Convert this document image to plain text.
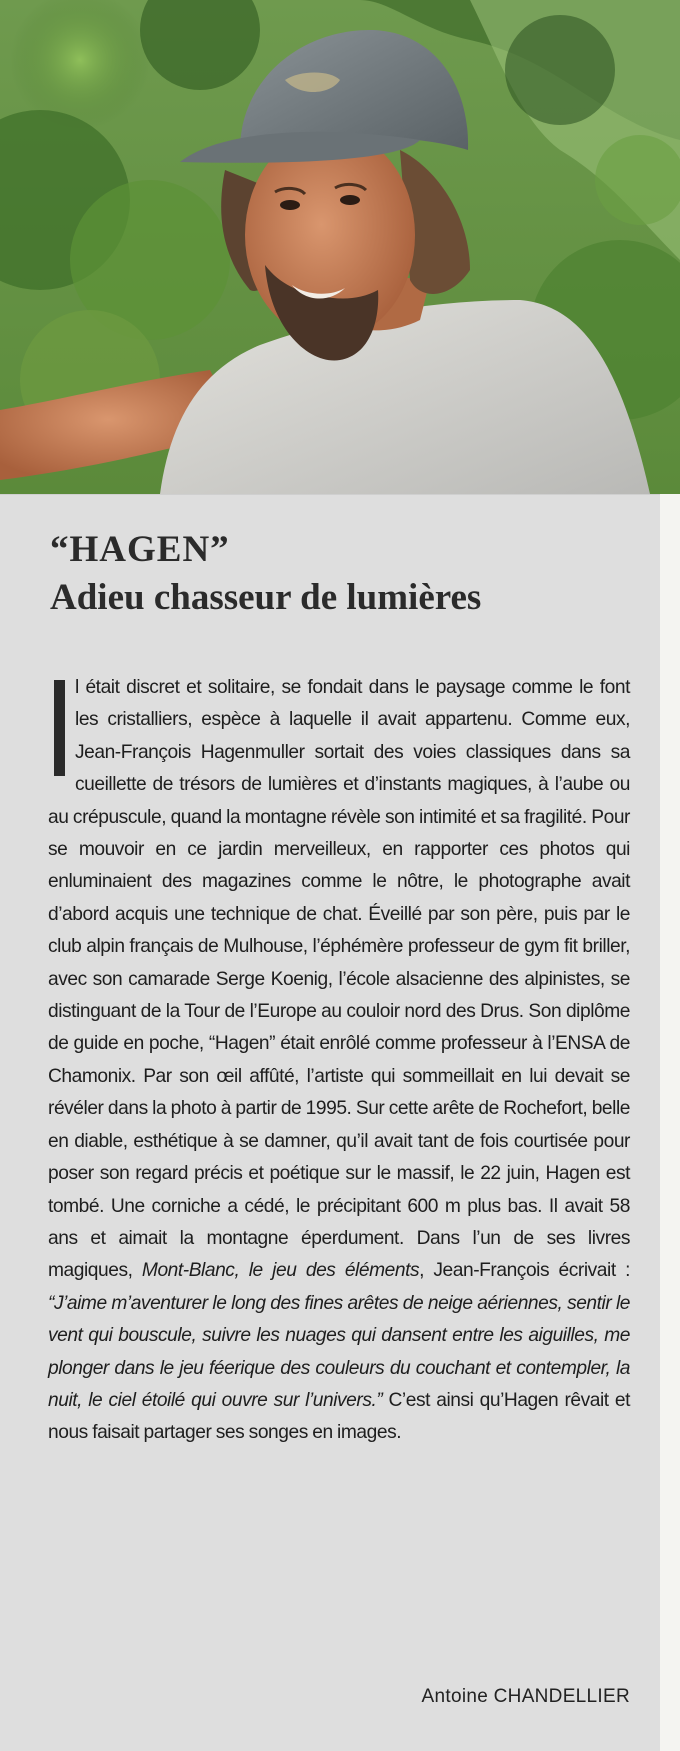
“HAGEN”
Adieu chasseur de lumières
l était discret et solitaire, se fondait dans le paysage comme le font les cristalliers, espèce à laquelle il avait appartenu. Comme eux, Jean-François Hagenmuller sortait des voies classiques dans sa cueillette de trésors de lumières et d’instants magiques, à l’aube ou au crépuscule, quand la montagne révèle son intimité et sa fragilité. Pour se mouvoir en ce jardin merveilleux, en rapporter ces photos qui enluminaient des magazines comme le nôtre, le photographe avait d’abord acquis une technique de chat. Éveillé par son père, puis par le club alpin français de Mulhouse, l’éphémère professeur de gym fit briller, avec son camarade Serge Koenig, l’école alsacienne des alpinistes, se distinguant de la Tour de l’Europe au couloir nord des Drus. Son diplôme de guide en poche, “Hagen” était enrôlé comme professeur à l’ENSA de Chamonix. Par son œil affûté, l’artiste qui sommeillait en lui devait se révéler dans la photo à partir de 1995. Sur cette arête de Rochefort, belle en diable, esthétique à se damner, qu’il avait tant de fois courtisée pour poser son regard précis et poétique sur le massif, le 22 juin, Hagen est tombé. Une corniche a cédé, le précipitant 600 m plus bas. Il avait 58 ans et aimait la montagne éperdument. Dans l’un de ses livres magiques, Mont-Blanc, le jeu des éléments, Jean-François écrivait : “J’aime m’aventurer le long des fines arêtes de neige aériennes, sentir le vent qui bouscule, suivre les nuages qui dansent entre les aiguilles, me plonger dans le jeu féerique des couleurs du couchant et contempler, la nuit, le ciel étoilé qui ouvre sur l’univers.” C’est ainsi qu’Hagen rêvait et nous faisait partager ses songes en images.
Antoine CHANDELLIER
